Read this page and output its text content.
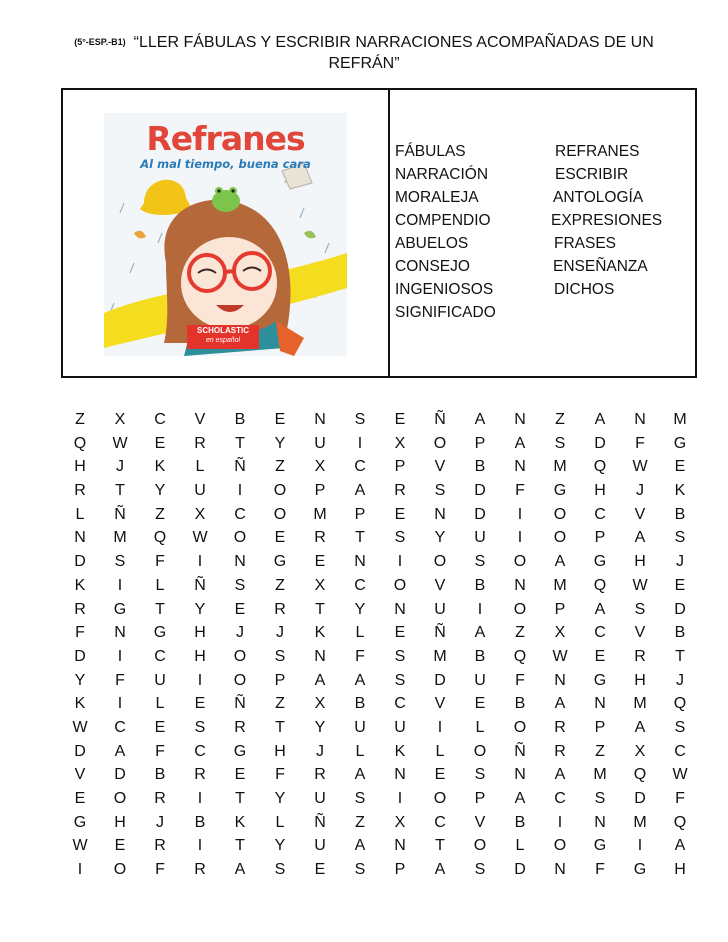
(5°-ESP.-B1) “LLER FÁBULAS Y ESCRIBIR NARRACIONES ACOMPAÑADAS DE UN
REFRÁN”
Refranes
Al mal tiempo, buena cara
SCHOLASTIC
en español
FÁBULAS
NARRACIÓN
MORALEJA
COMPENDIO
ABUELOS
CONSEJO
INGENIOSOS
SIGNIFICADO
REFRANES
ESCRIBIR
ANTOLOGÍA
EXPRESIONES
FRASES
ENSEÑANZA
DICHOS
Z	X	C	V	B	E	N	S	E	Ñ	A	N	Z	A	N	M
Q	W	E	R	T	Y	U	I	X	O	P	A	S	D	F	G
H	J	K	L	Ñ	Z	X	C	P	V	B	N	M	Q	W	E
R	T	Y	U	I	O	P	A	R	S	D	F	G	H	J	K
L	Ñ	Z	X	C	O	M	P	E	N	D	I	O	C	V	B
N	M	Q	W	O	E	R	T	S	Y	U	I	O	P	A	S
D	S	F	I	N	G	E	N	I	O	S	O	A	G	H	J
K	I	L	Ñ	S	Z	X	C	O	V	B	N	M	Q	W	E
R	G	T	Y	E	R	T	Y	N	U	I	O	P	A	S	D
F	N	G	H	J	J	K	L	E	Ñ	A	Z	X	C	V	B
D	I	C	H	O	S	N	F	S	M	B	Q	W	E	R	T
Y	F	U	I	O	P	A	A	S	D	U	F	N	G	H	J
K	I	L	E	Ñ	Z	X	B	C	V	E	B	A	N	M	Q
W	C	E	S	R	T	Y	U	U	I	L	O	R	P	A	S
D	A	F	C	G	H	J	L	K	L	O	Ñ	R	Z	X	C
V	D	B	R	E	F	R	A	N	E	S	N	A	M	Q	W
E	O	R	I	T	Y	U	S	I	O	P	A	C	S	D	F
G	H	J	B	K	L	Ñ	Z	X	C	V	B	I	N	M	Q
W	E	R	I	T	Y	U	A	N	T	O	L	O	G	I	A
I	O	F	R	A	S	E	S	P	A	S	D	N	F	G	H
